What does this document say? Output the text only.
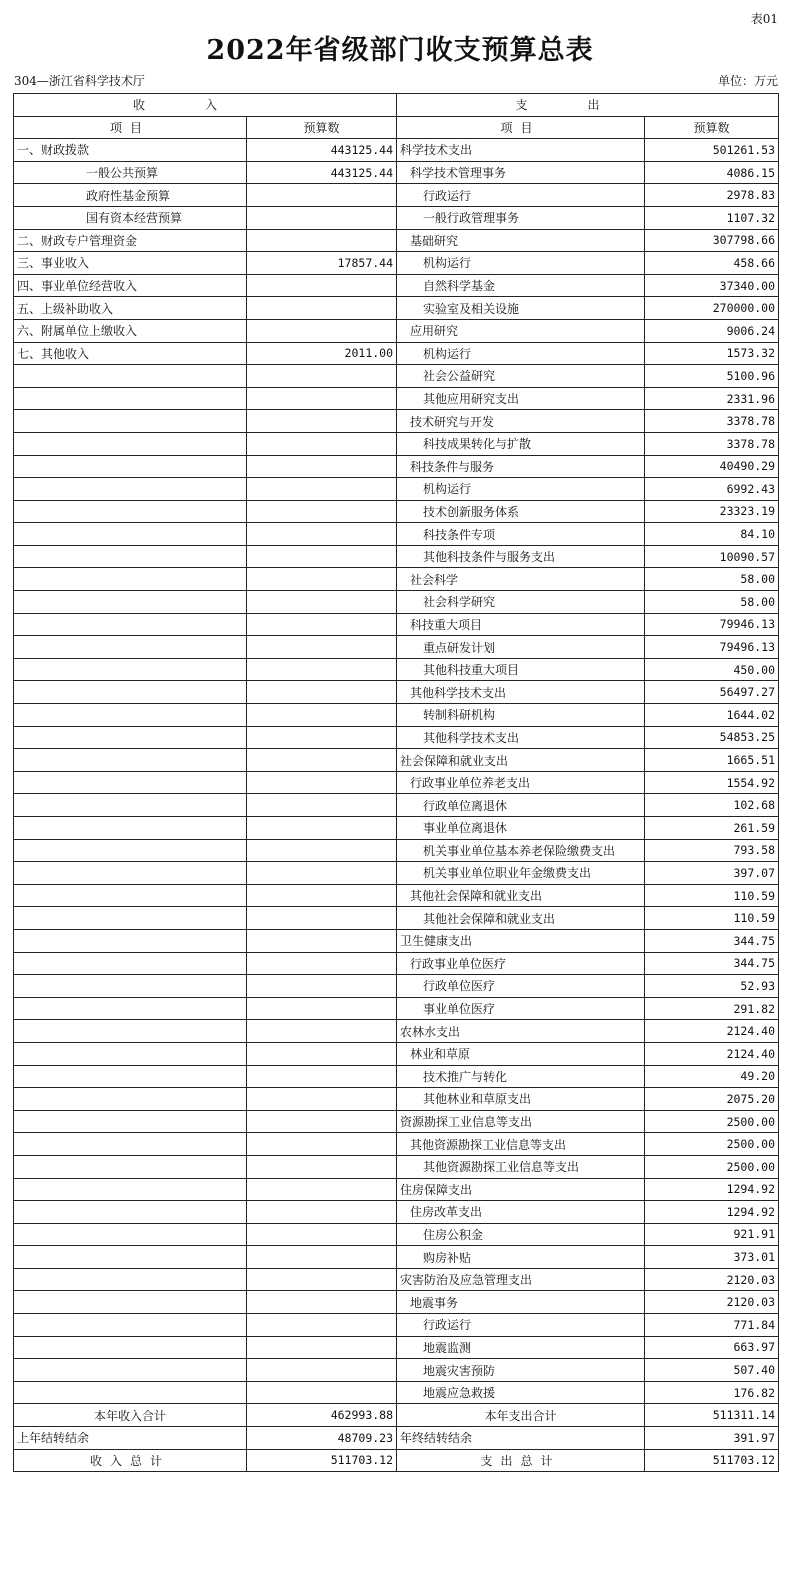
表01
2022年省级部门收支预算总表
304—浙江省科学技术厅	单位：万元
收入		支出	
项目	预算数	项目	预算数
一、财政拨款	443125.44	科学技术支出	501261.53
一般公共预算	443125.44	科学技术管理事务	4086.15
政府性基金预算		行政运行	2978.83
国有资本经营预算		一般行政管理事务	1107.32
二、财政专户管理资金		基础研究	307798.66
三、事业收入	17857.44	机构运行	458.66
四、事业单位经营收入		自然科学基金	37340.00
五、上级补助收入		实验室及相关设施	270000.00
六、附属单位上缴收入		应用研究	9006.24
七、其他收入	2011.00	机构运行	1573.32
		社会公益研究	5100.96
		其他应用研究支出	2331.96
		技术研究与开发	3378.78
		科技成果转化与扩散	3378.78
		科技条件与服务	40490.29
		机构运行	6992.43
		技术创新服务体系	23323.19
		科技条件专项	84.10
		其他科技条件与服务支出	10090.57
		社会科学	58.00
		社会科学研究	58.00
		科技重大项目	79946.13
		重点研发计划	79496.13
		其他科技重大项目	450.00
		其他科学技术支出	56497.27
		转制科研机构	1644.02
		其他科学技术支出	54853.25
		社会保障和就业支出	1665.51
		行政事业单位养老支出	1554.92
		行政单位离退休	102.68
		事业单位离退休	261.59
		机关事业单位基本养老保险缴费支出	793.58
		机关事业单位职业年金缴费支出	397.07
		其他社会保障和就业支出	110.59
		其他社会保障和就业支出	110.59
		卫生健康支出	344.75
		行政事业单位医疗	344.75
		行政单位医疗	52.93
		事业单位医疗	291.82
		农林水支出	2124.40
		林业和草原	2124.40
		技术推广与转化	49.20
		其他林业和草原支出	2075.20
		资源勘探工业信息等支出	2500.00
		其他资源勘探工业信息等支出	2500.00
		其他资源勘探工业信息等支出	2500.00
		住房保障支出	1294.92
		住房改革支出	1294.92
		住房公积金	921.91
		购房补贴	373.01
		灾害防治及应急管理支出	2120.03
		地震事务	2120.03
		行政运行	771.84
		地震监测	663.97
		地震灾害预防	507.40
		地震应急救援	176.82
本年收入合计	462993.88	本年支出合计	511311.14
上年结转结余	48709.23	年终结转结余	391.97
收入总计	511703.12	支出总计	511703.12
